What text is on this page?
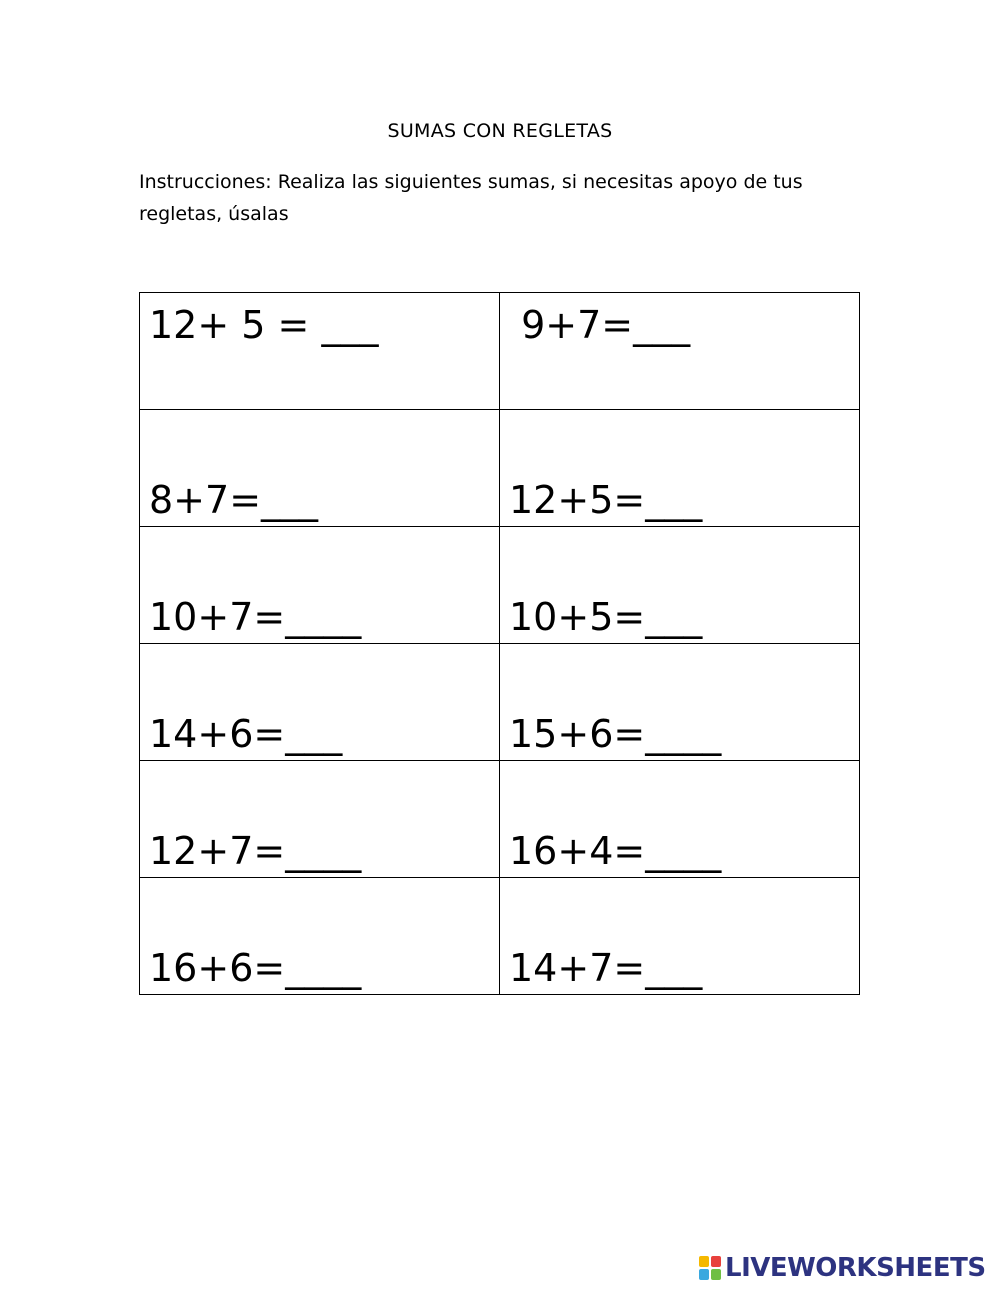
SUMAS CON REGLETAS
Instrucciones: Realiza las siguientes sumas, si necesitas apoyo de tus regletas, úsalas
12+ 5 = ___	9+7=___

8+7=___	12+5=___

10+7=____	10+5=___

14+6=___	15+6=____

12+7=____	16+4=____

16+6=____	14+7=___
LIVEWORKSHEETS
